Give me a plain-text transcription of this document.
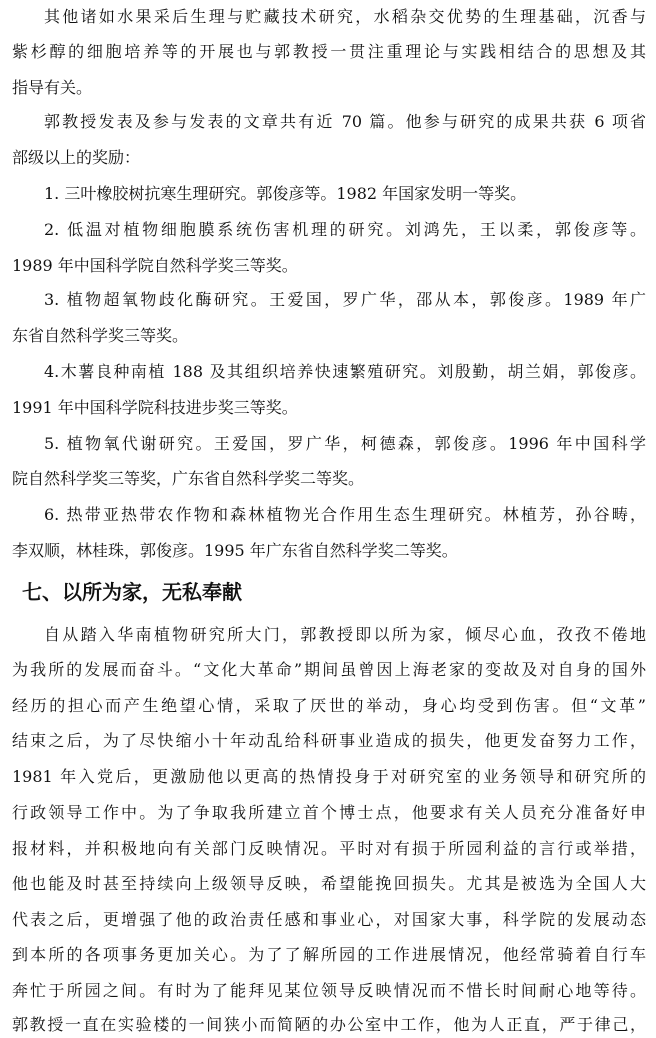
其他诸如水果采后生理与贮藏技术研究，水稻杂交优势的生理基础，沉香与
紫杉醇的细胞培养等的开展也与郭教授一贯注重理论与实践相结合的思想及其
指导有关。
郭教授发表及参与发表的文章共有近 70 篇。他参与研究的成果共获 6 项省
部级以上的奖励：
1. 三叶橡胶树抗寒生理研究。郭俊彦等。1982 年国家发明一等奖。
2. 低温对植物细胞膜系统伤害机理的研究。刘鸿先，王以柔，郭俊彦等。
1989 年中国科学院自然科学奖三等奖。
3. 植物超氧物歧化酶研究。王爱国，罗广华，邵从本，郭俊彦。1989 年广
东省自然科学奖三等奖。
4.木薯良种南植 188 及其组织培养快速繁殖研究。刘殷勤，胡兰娟，郭俊彦。
1991 年中国科学院科技进步奖三等奖。
5. 植物氧代谢研究。王爱国，罗广华，柯德森，郭俊彦。1996 年中国科学
院自然科学奖三等奖，广东省自然科学奖二等奖。
6. 热带亚热带农作物和森林植物光合作用生态生理研究。林植芳，孙谷畴，
李双顺，林桂珠，郭俊彦。1995 年广东省自然科学奖二等奖。
七、以所为家，无私奉献
自从踏入华南植物研究所大门，郭教授即以所为家，倾尽心血，孜孜不倦地
为我所的发展而奋斗。“文化大革命”期间虽曾因上海老家的变故及对自身的国外
经历的担心而产生绝望心情，采取了厌世的举动，身心均受到伤害。但“文革”
结束之后，为了尽快缩小十年动乱给科研事业造成的损失，他更发奋努力工作，
1981 年入党后，更激励他以更高的热情投身于对研究室的业务领导和研究所的
行政领导工作中。为了争取我所建立首个博士点，他要求有关人员充分准备好申
报材料，并积极地向有关部门反映情况。平时对有损于所园利益的言行或举措，
他也能及时甚至持续向上级领导反映，希望能挽回损失。尤其是被选为全国人大
代表之后，更增强了他的政治责任感和事业心，对国家大事，科学院的发展动态
到本所的各项事务更加关心。为了了解所园的工作进展情况，他经常骑着自行车
奔忙于所园之间。有时为了能拜见某位领导反映情况而不惜长时间耐心地等待。
郭教授一直在实验楼的一间狭小而简陋的办公室中工作，他为人正直，严于律己，
